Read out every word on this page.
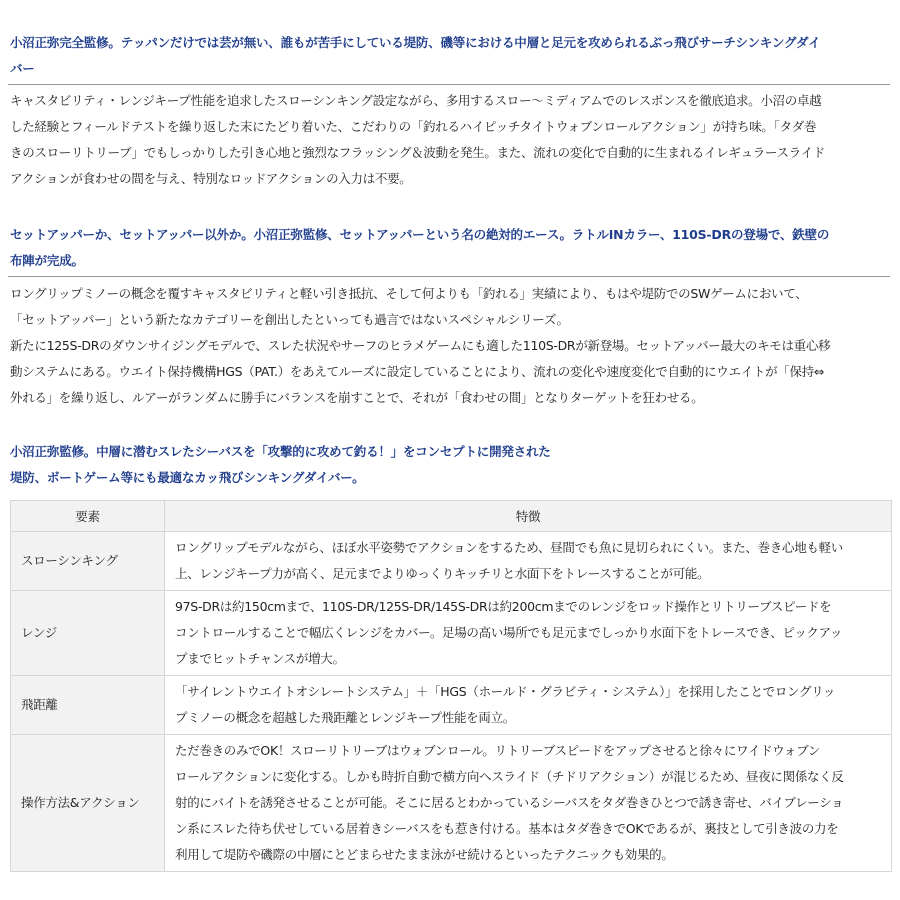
小沼正弥完全監修。テッパンだけでは芸が無い、誰もが苦手にしている堤防、磯等における中層と足元を攻められるぶっ飛びサーチシンキングダイ
バー
キャスタビリティ・レンジキープ性能を追求したスローシンキング設定ながら、多用するスロー～ミディアムでのレスポンスを徹底追求。小沼の卓越
した経験とフィールドテストを繰り返した末にたどり着いた、こだわりの「釣れるハイピッチタイトウォブンロールアクション」が持ち味。「タダ巻
きのスローリトリーブ」でもしっかりした引き心地と強烈なフラッシング＆波動を発生。また、流れの変化で自動的に生まれるイレギュラースライド
アクションが食わせの間を与え、特別なロッドアクションの入力は不要。
セットアッパーか、セットアッパー以外か。小沼正弥監修、セットアッパーという名の絶対的エース。ラトルINカラー、110S-DRの登場で、鉄壁の
布陣が完成。
ロングリップミノーの概念を覆すキャスタビリティと軽い引き抵抗、そして何よりも「釣れる」実績により、もはや堤防でのSWゲームにおいて、
「セットアッパー」という新たなカテゴリーを創出したといっても過言ではないスペシャルシリーズ。
新たに125S-DRのダウンサイジングモデルで、スレた状況やサーフのヒラメゲームにも適した110S-DRが新登場。セットアッパー最大のキモは重心移
動システムにある。ウエイト保持機構HGS（PAT.）をあえてルーズに設定していることにより、流れの変化や速度変化で自動的にウエイトが「保持⇔
外れる」を繰り返し、ルアーがランダムに勝手にバランスを崩すことで、それが「食わせの間」となりターゲットを狂わせる。
小沼正弥監修。中層に潜むスレたシーバスを「攻撃的に攻めて釣る！」をコンセプトに開発された
堤防、ボートゲーム等にも最適なカッ飛びシンキングダイバー。
要素	特徴
スローシンキング	ロングリップモデルながら、ほぼ水平姿勢でアクションをするため、昼間でも魚に見切られにくい。また、巻き心地も軽い
上、レンジキープ力が高く、足元までよりゆっくりキッチリと水面下をトレースすることが可能。

レンジ	97S-DRは約150cmまで、110S-DR/125S-DR/145S-DRは約200cmまでのレンジをロッド操作とリトリーブスピードを
コントロールすることで幅広くレンジをカバー。足場の高い場所でも足元までしっかり水面下をトレースでき、ピックアッ
プまでヒットチャンスが増大。

飛距離	「サイレントウエイトオシレートシステム」＋「HGS（ホールド・グラビティ・システム）」を採用したことでロングリッ
プミノーの概念を超越した飛距離とレンジキープ性能を両立。

操作方法&アクション	ただ巻きのみでOK！スローリトリーブはウォブンロール。リトリーブスピードをアップさせると徐々にワイドウォブン
ロールアクションに変化する。しかも時折自動で横方向へスライド（チドリアクション）が混じるため、昼夜に関係なく反
射的にバイトを誘発させることが可能。そこに居るとわかっているシーバスをタダ巻きひとつで誘き寄せ、バイブレーショ
ン系にスレた待ち伏せしている居着きシーバスをも惹き付ける。基本はタダ巻きでOKであるが、裏技として引き波の力を
利用して堤防や磯際の中層にとどまらせたまま泳がせ続けるといったテクニックも効果的。
